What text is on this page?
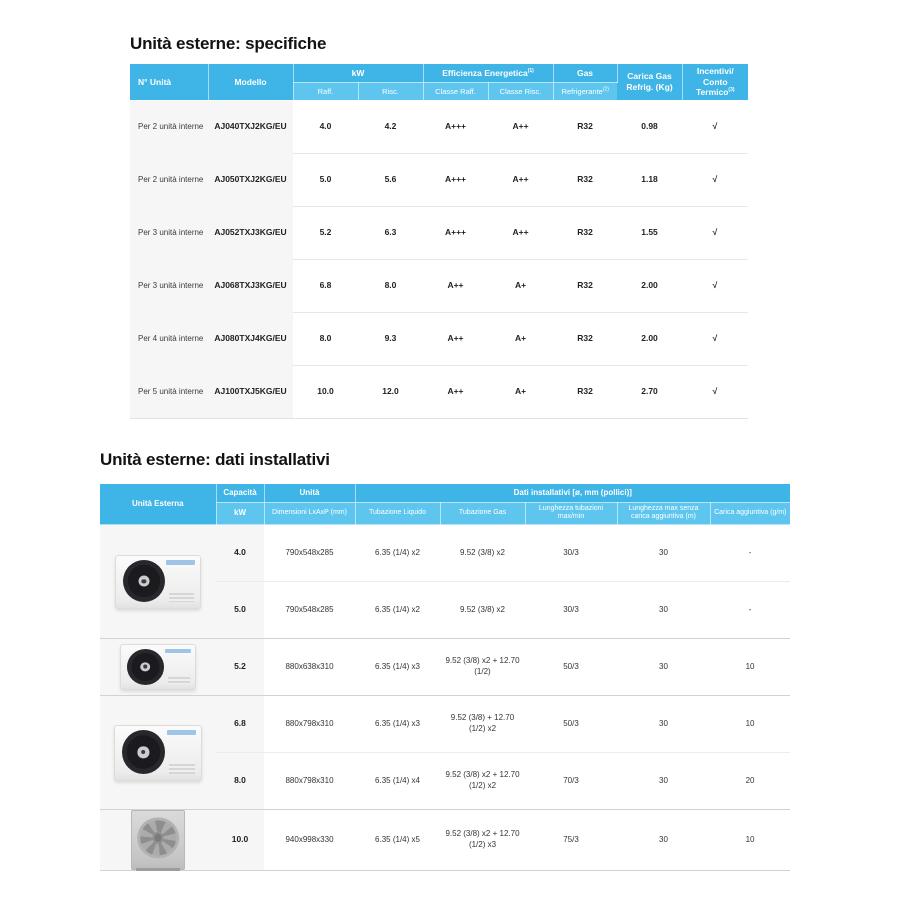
Unità esterne: specifiche
N° Unità	Modello	kW		Efficienza Energetica$^{(1)}$		Gas	Carica Gas Refrig. (Kg)	Incentivi/
Conto Termico$^{(3)}$
		Raff.	Risc.	Classe Raff.	Classe Risc.	Refrigerante$^{(2)}$
Per 2 unità interne	AJ040TXJ2KG/EU	4.0	4.2	A+++	A++	R32	0.98	√
Per 2 unità interne	AJ050TXJ2KG/EU	5.0	5.6	A+++	A++	R32	1.18	√
Per 3 unità interne	AJ052TXJ3KG/EU	5.2	6.3	A+++	A++	R32	1.55	√
Per 3 unità interne	AJ068TXJ3KG/EU	6.8	8.0	A++	A+	R32	2.00	√
Per 4 unità interne	AJ080TXJ4KG/EU	8.0	9.3	A++	A+	R32	2.00	√
Per 5 unità interne	AJ100TXJ5KG/EU	10.0	12.0	A++	A+	R32	2.70	√
Unità esterne: dati installativi
Unità Esterna	Capacità	Unità	Dati installativi [ø, mm (pollici)]				
	kW	Dimensioni LxAxP (mm)	Tubazione Liquido	Tubazione Gas	Lunghezza tubazioni max/min	Lunghezza max senza carica aggiuntiva (m)	Carica aggiuntiva (g/m)

	4.0	790x548x285	6.35 (1/4) x2	9.52 (3/8) x2	30/3	30	-
	5.0	790x548x285	6.35 (1/4) x2	9.52 (3/8) x2	30/3	30	-

	5.2	880x638x310	6.35 (1/4) x3	9.52 (3/8) x2 + 12.70 (1/2)	50/3	30	10

	6.8	880x798x310	6.35 (1/4) x3	9.52 (3/8) + 12.70 (1/2) x2	50/3	30	10
	8.0	880x798x310	6.35 (1/4) x4	9.52 (3/8) x2 + 12.70 (1/2) x2	70/3	30	20

	10.0	940x998x330	6.35 (1/4) x5	9.52 (3/8) x2 + 12.70 (1/2) x3	75/3	30	10
